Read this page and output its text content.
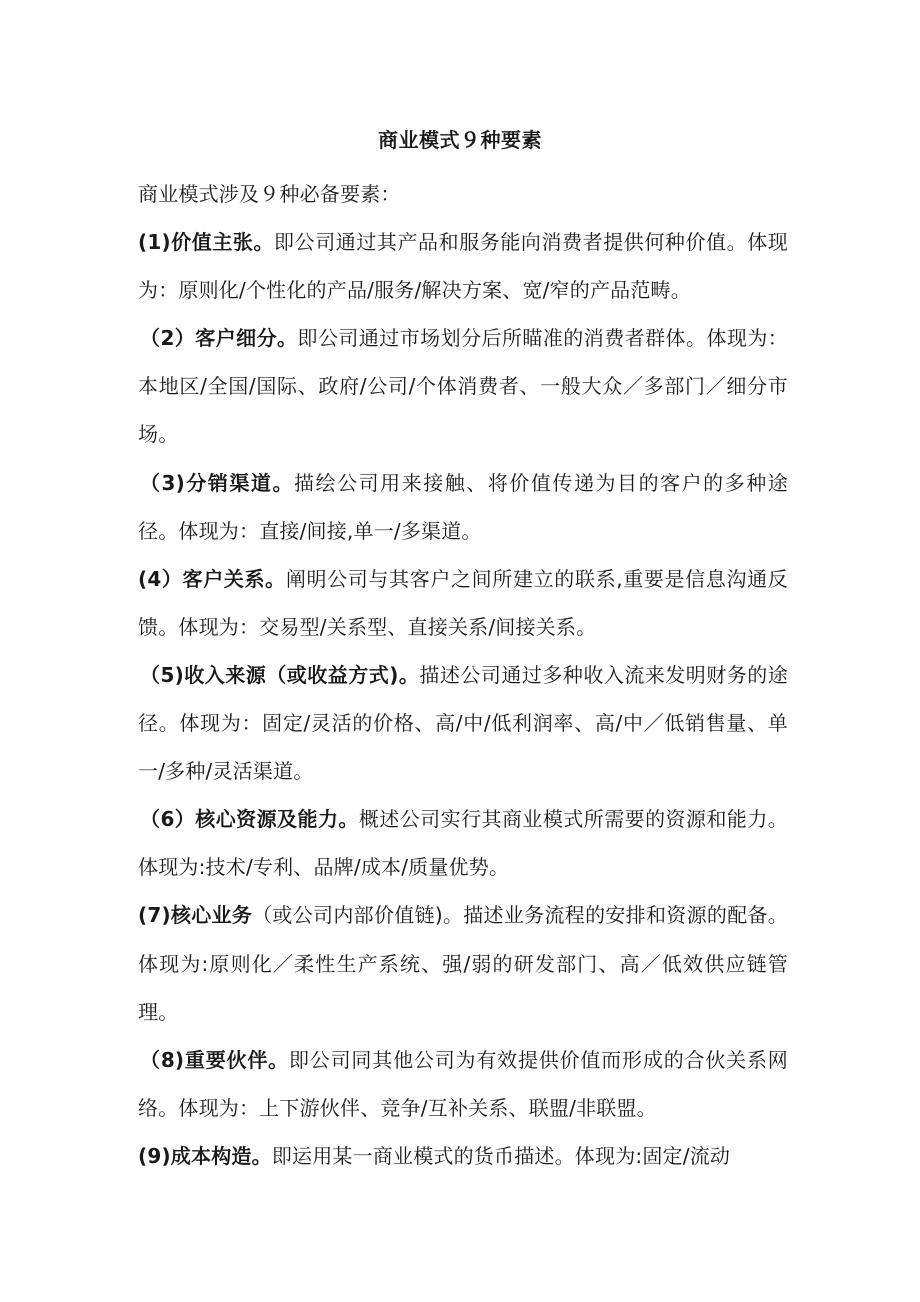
商业模式９种要素

商业模式涉及９种必备要素：

(1)价值主张。即公司通过其产品和服务能向消费者提供何种价值。体现为：原则化/个性化的产品/服务/解决方案、宽/窄的产品范畴。

（2）客户细分。即公司通过市场划分后所瞄准的消费者群体。体现为：本地区/全国/国际、政府/公司/个体消费者、一般大众／多部门／细分市场。

（3)分销渠道。描绘公司用来接触、将价值传递为目的客户的多种途径。体现为：直接/间接,单一/多渠道。

(4）客户关系。阐明公司与其客户之间所建立的联系,重要是信息沟通反馈。体现为：交易型/关系型、直接关系/间接关系。

（5)收入来源（或收益方式)。描述公司通过多种收入流来发明财务的途径。体现为：固定/灵活的价格、高/中/低利润率、高/中／低销售量、单一/多种/灵活渠道。

（6）核心资源及能力。概述公司实行其商业模式所需要的资源和能力。体现为:技术/专利、品牌/成本/质量优势。

(7)核心业务（或公司内部价值链)。描述业务流程的安排和资源的配备。体现为:原则化／柔性生产系统、强/弱的研发部门、高／低效供应链管理。

（8)重要伙伴。即公司同其他公司为有效提供价值而形成的合伙关系网络。体现为：上下游伙伴、竞争/互补关系、联盟/非联盟。

(9)成本构造。即运用某一商业模式的货币描述。体现为:固定/流动
